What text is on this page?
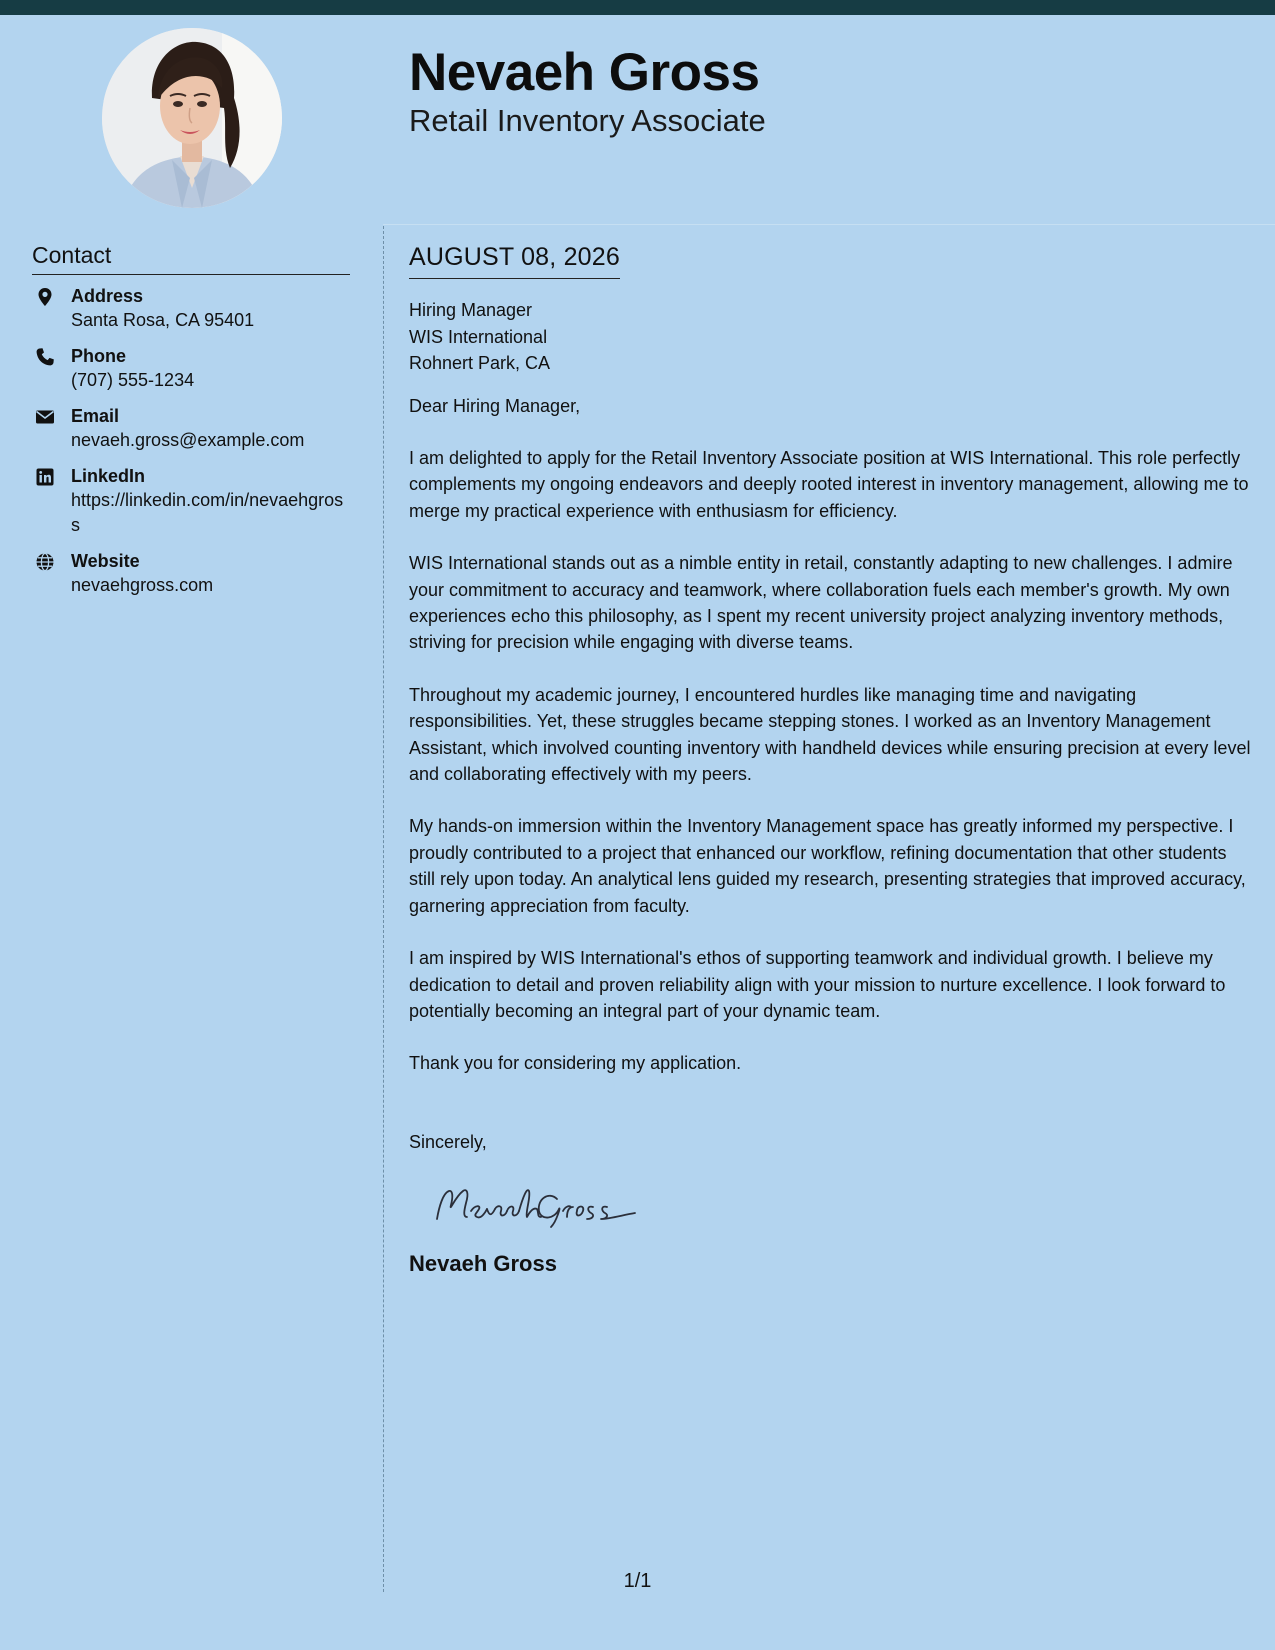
Nevaeh Gross
Retail Inventory Associate
Contact
Address
Santa Rosa, CA 95401
Phone
(707) 555-1234
Email
nevaeh.gross@example.com
LinkedIn
https://linkedin.com/in/nevaehgross
Website
nevaehgross.com
AUGUST 08, 2026
Hiring Manager
WIS International
Rohnert Park, CA
Dear Hiring Manager,
I am delighted to apply for the Retail Inventory Associate position at WIS International. This role perfectly complements my ongoing endeavors and deeply rooted interest in inventory management, allowing me to merge my practical experience with enthusiasm for efficiency.
WIS International stands out as a nimble entity in retail, constantly adapting to new challenges. I admire your commitment to accuracy and teamwork, where collaboration fuels each member's growth. My own experiences echo this philosophy, as I spent my recent university project analyzing inventory methods, striving for precision while engaging with diverse teams.
Throughout my academic journey, I encountered hurdles like managing time and navigating responsibilities. Yet, these struggles became stepping stones. I worked as an Inventory Management Assistant, which involved counting inventory with handheld devices while ensuring precision at every level and collaborating effectively with my peers.
My hands-on immersion within the Inventory Management space has greatly informed my perspective. I proudly contributed to a project that enhanced our workflow, refining documentation that other students still rely upon today. An analytical lens guided my research, presenting strategies that improved accuracy, garnering appreciation from faculty.
I am inspired by WIS International's ethos of supporting teamwork and individual growth. I believe my dedication to detail and proven reliability align with your mission to nurture excellence. I look forward to potentially becoming an integral part of your dynamic team.
Thank you for considering my application.
Sincerely,
Nevaeh Gross
1/1
